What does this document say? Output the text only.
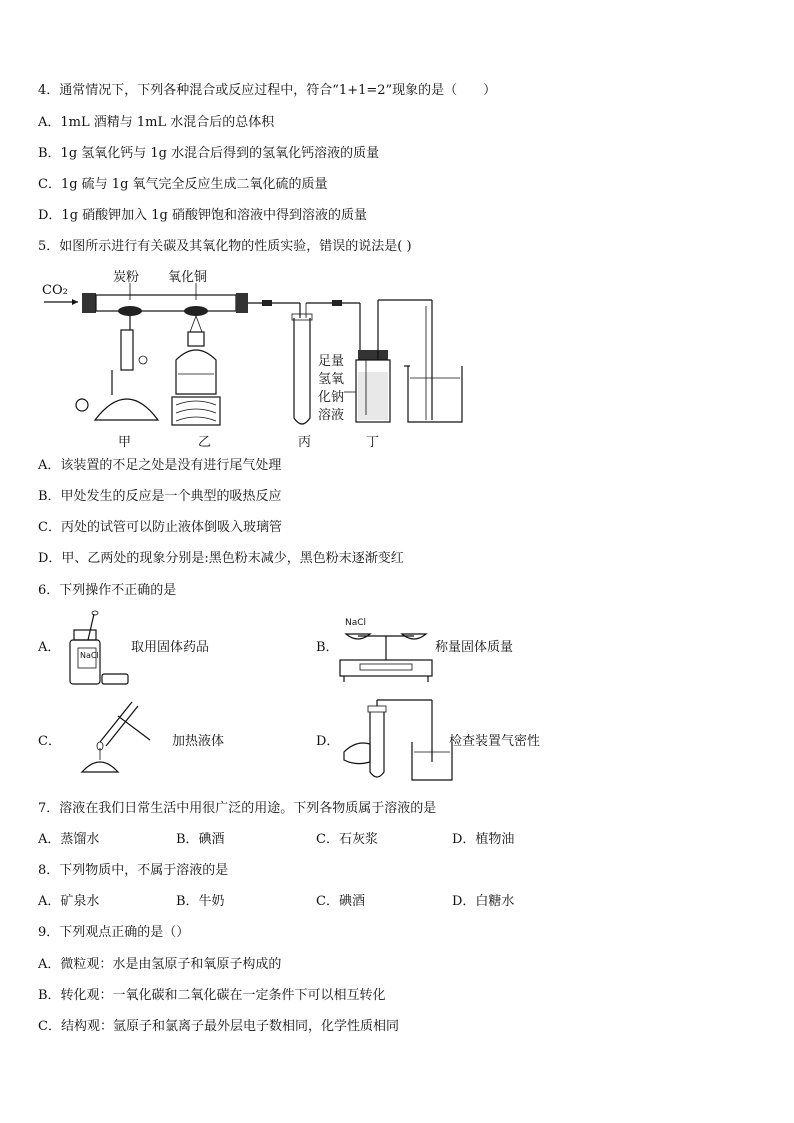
4．通常情况下，下列各种混合或反应过程中，符合“1+1=2”现象的是（　　）
A．1mL 酒精与 1mL 水混合后的总体积
B．1g 氢氧化钙与 1g 水混合后得到的氢氧化钙溶液的质量
C．1g 硫与 1g 氧气完全反应生成二氧化硫的质量
D．1g 硝酸钾加入 1g 硝酸钾饱和溶液中得到溶液的质量
5．如图所示进行有关碳及其氧化物的性质实验，错误的说法是( )
CO₂
炭粉 氧化铜
甲	乙	丙	丁
足量
氢氧
化钠
溶液
A．该装置的不足之处是没有进行尾气处理
B．甲处发生的反应是一个典型的吸热反应
C．丙处的试管可以防止液体倒吸入玻璃管
D．甲、乙两处的现象分别是:黑色粉末减少，黑色粉末逐渐变红
6．下列操作不正确的是
A．
NaCl
取用固体药品	B．
NaCl
称量固体质量
C．	加热液体	D．	检查装置气密性
7．溶液在我们日常生活中用很广泛的用途。下列各物质属于溶液的是
A．蒸馏水	B．碘酒	C．石灰浆	D．植物油
8．下列物质中，不属于溶液的是
A．矿泉水	B．牛奶	C．碘酒	D．白糖水
9．下列观点正确的是（）
A．微粒观：水是由氢原子和氧原子构成的
B．转化观：一氧化碳和二氧化碳在一定条件下可以相互转化
C．结构观：氩原子和氯离子最外层电子数相同，化学性质相同
